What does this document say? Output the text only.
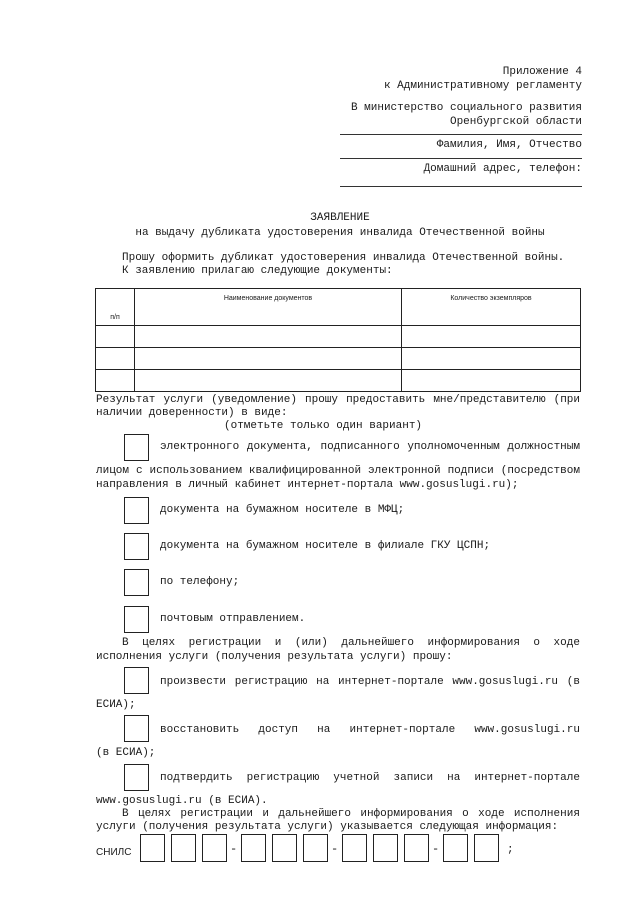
Приложение 4
к Административному регламенту
В министерство социального развития
Оренбургской области
Фамилия, Имя, Отчество
Домашний адрес, телефон:
ЗАЯВЛЕНИЕ
на выдачу дубликата удостоверения инвалида Отечественной войны
Прошу оформить дубликат удостоверения инвалида Отечественной войны.
К заявлению прилагаю следующие документы:
п/п	Наименование документов	Количество экземпляров

Результат услуги (уведомление) прошу предоставить мне/представителю (при
наличии доверенности) в виде:
(отметьте только один вариант)
электронного документа, подписанного уполномоченным должностным
лицом с использованием квалифицированной электронной подписи (посредством
направления в личный кабинет интернет-портала www.gosuslugi.ru);
документа на бумажном носителе в МФЦ;
документа на бумажном носителе в филиале ГКУ ЦСПН;
по телефону;
почтовым отправлением.
В целях регистрации и (или) дальнейшего информирования о ходе
исполнения услуги (получения результата услуги) прошу:
произвести регистрацию на интернет-портале www.gosuslugi.ru (в
ЕСИА);
восстановить доступ на интернет-портале www.gosuslugi.ru
(в ЕСИА);
подтвердить регистрацию учетной записи на интернет-портале
www.gosuslugi.ru (в ЕСИА).
В целях регистрации и дальнейшего информирования о ходе исполнения
услуги (получения результата услуги) указывается следующая информация:
СНИЛС	-	-	-	;
